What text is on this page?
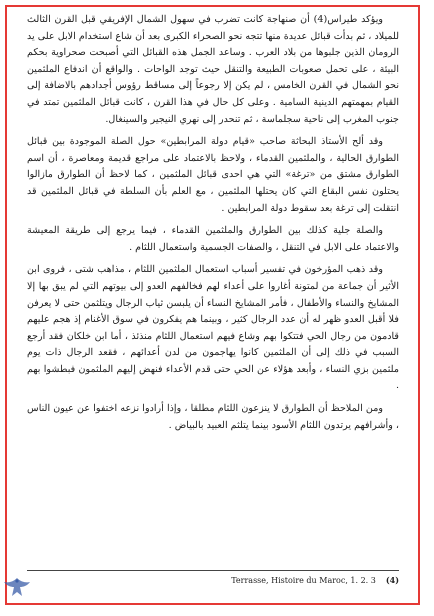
ويؤكد طيراس(4) أن صنهاجة كانت تضرب في سهول الشمال الإفريقي قبل القرن الثالث للميلاد ، ثم بدأت قبائل عديدة منها تتجه نحو الصحراء الكبرى بعد أن شاع استخدام الابل على يد الرومان الذين جلبوها من بلاد العرب . وساعد الجمل هذه القبائل التي أصبحت صحراوية بحكم البيئة ، على تحمل صعوبات الطبيعة والتنقل حيث توجد الواحات . والواقع أن اندفاع الملثمين نحو الشمال في القرن الخامس ، لم يكن إلا رجوعاً إلى مساقط رؤوس أجدادهم بالاضافة إلى القيام بمهمتهم الدينية السامية . وعلى كل حال في هذا القرن ، كانت قبائل الملثمين تمتد في جنوب المغرب إلى ناحية سجلماسة ، ثم تنحدر إلى نهري النيجير والسينغال.

وقد ألح الأستاذ البحاثة صاحب «قيام دولة المرابطين» حول الصلة الموجودة بين قبائل الطوارق الحالية ، والملثمين القدماء ، ولاحظ بالاعتماد على مراجع قديمة ومعاصرة ، أن اسم الطوارق مشتق من «ترغة» التي هي احدى قبائل الملثمين ، كما لاحظ أن الطوارق مازالوا يحتلون نفس البقاع التي كان يحتلها الملثمين ، مع العلم بأن السلطة في قبائل الملثمين قد انتقلت إلى ترغة بعد سقوط دولة المرابطين .

والصلة جلية كذلك بين الطوارق والملثمين القدماء ، فيما يرجع إلى طريقة المعيشة والاعتماد على الابل في التنقل ، والصفات الجسمية واستعمال اللثام .

وقد ذهب المؤرخون في تفسير أسباب استعمال الملثمين اللثام ، مذاهب شتى ، فروى ابن الأثير أن جماعة من لمتونة أغاروا على أعداء لهم فخالفهم العدو إلى بيوتهم التي لم يبق بها إلا المشايخ والنساء والأطفال ، فأمر المشايخ النساء أن يلبسن ثياب الرجال ويتلثمن حتى لا يعرفن فلا أقبل العدو ظهر له أن عدد الرجال كثير ، وبينما هم يفكرون في سوق الأغنام إذ هجم عليهم قادمون من رجال الحي فتتكوا بهم وشاع فيهم استعمال اللثام منذئذ ، أما ابن خلكان فقد أرجع السبب في ذلك إلى أن الملثمين كانوا يهاجمون من لدن أعدائهم ، فقعد الرجال ذات يوم ملثمين بزي النساء ، وأبعد هؤلاء عن الحي حتى قدم الأعداء فنهض إليهم الملثمون فبطشوا بهم .

ومن الملاحظ أن الطوارق لا ينزعون اللثام مطلقا ، وإذا أرادوا نزعه اختفوا عن عيون الناس ، وأشرافهم يرتدون اللثام الأسود بينما يتلثم العبيد بالبياض .

Terrasse, Histoire du Maroc, 1. 2. 3 (4)
